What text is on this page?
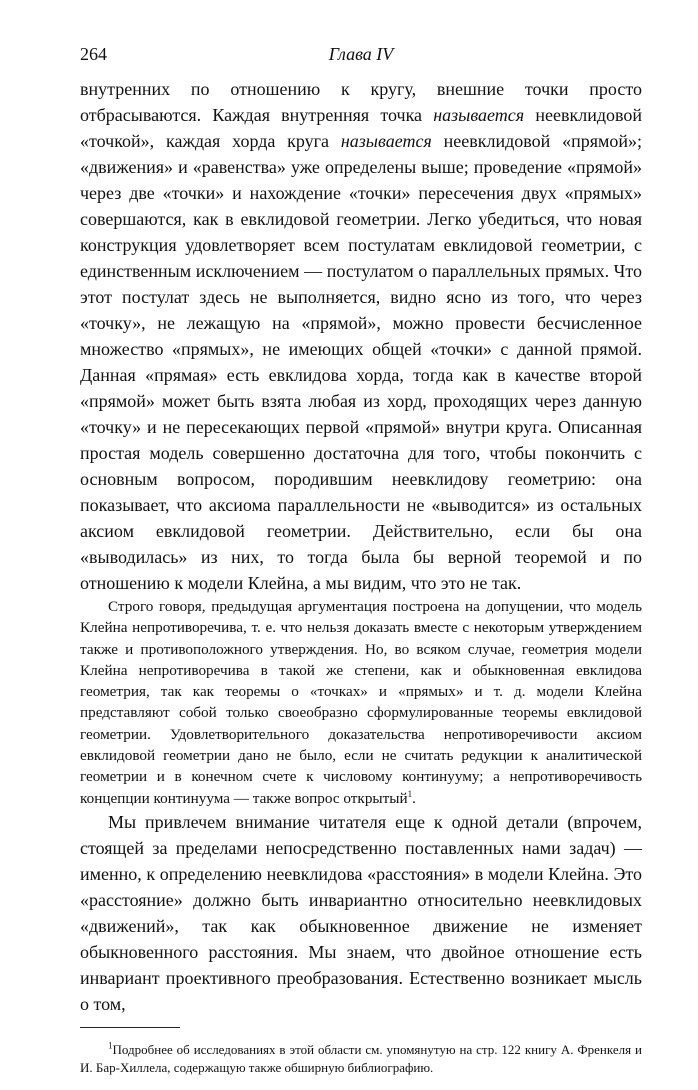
264	Глава IV

внутренних по отношению к кругу, внешние точки просто отбрасываются. Каждая внутренняя точка называется неевклидовой «точкой», каждая хорда круга называется неевклидовой «прямой»; «движения» и «равенства» уже определены выше; проведение «прямой» через две «точки» и нахождение «точки» пересечения двух «прямых» совершаются, как в евклидовой геометрии. Легко убедиться, что новая конструкция удовлетворяет всем постулатам евклидовой геометрии, с единственным исключением — постулатом о параллельных прямых. Что этот постулат здесь не выполняется, видно ясно из того, что через «точку», не лежащую на «прямой», можно провести бесчисленное множество «прямых», не имеющих общей «точки» с данной прямой. Данная «прямая» есть евклидова хорда, тогда как в качестве второй «прямой» может быть взята любая из хорд, проходящих через данную «точку» и не пересекающих первой «прямой» внутри круга. Описанная простая модель совершенно достаточна для того, чтобы покончить с основным вопросом, породившим неевклидову геометрию: она показывает, что аксиома параллельности не «выводится» из остальных аксиом евклидовой геометрии. Действительно, если бы она «выводилась» из них, то тогда была бы верной теоремой и по отношению к модели Клейна, а мы видим, что это не так.

Строго говоря, предыдущая аргументация построена на допущении, что модель Клейна непротиворечива, т. е. что нельзя доказать вместе с некоторым утверждением также и противоположного утверждения. Но, во всяком случае, геометрия модели Клейна непротиворечива в такой же степени, как и обыкновенная евклидова геометрия, так как теоремы о «точках» и «прямых» и т. д. модели Клейна представляют собой только своеобразно сформулированные теоремы евклидовой геометрии. Удовлетворительного доказательства непротиворечивости аксиом евклидовой геометрии дано не было, если не считать редукции к аналитической геометрии и в конечном счете к числовому континууму; а непротиворечивость концепции континуума — также вопрос открытый$^1$.

Мы привлечем внимание читателя еще к одной детали (впрочем, стоящей за пределами непосредственно поставленных нами задач) — именно, к определению неевклидова «расстояния» в модели Клейна. Это «расстояние» должно быть инвариантно относительно неевклидовых «движений», так как обыкновенное движение не изменяет обыкновенного расстояния. Мы знаем, что двойное отношение есть инвариант проективного преобразования. Естественно возникает мысль о том,

$^1$Подробнее об исследованиях в этой области см. упомянутую на стр. 122 книгу А. Френкеля и И. Бар-Хиллела, содержащую также обширную библиографию.
